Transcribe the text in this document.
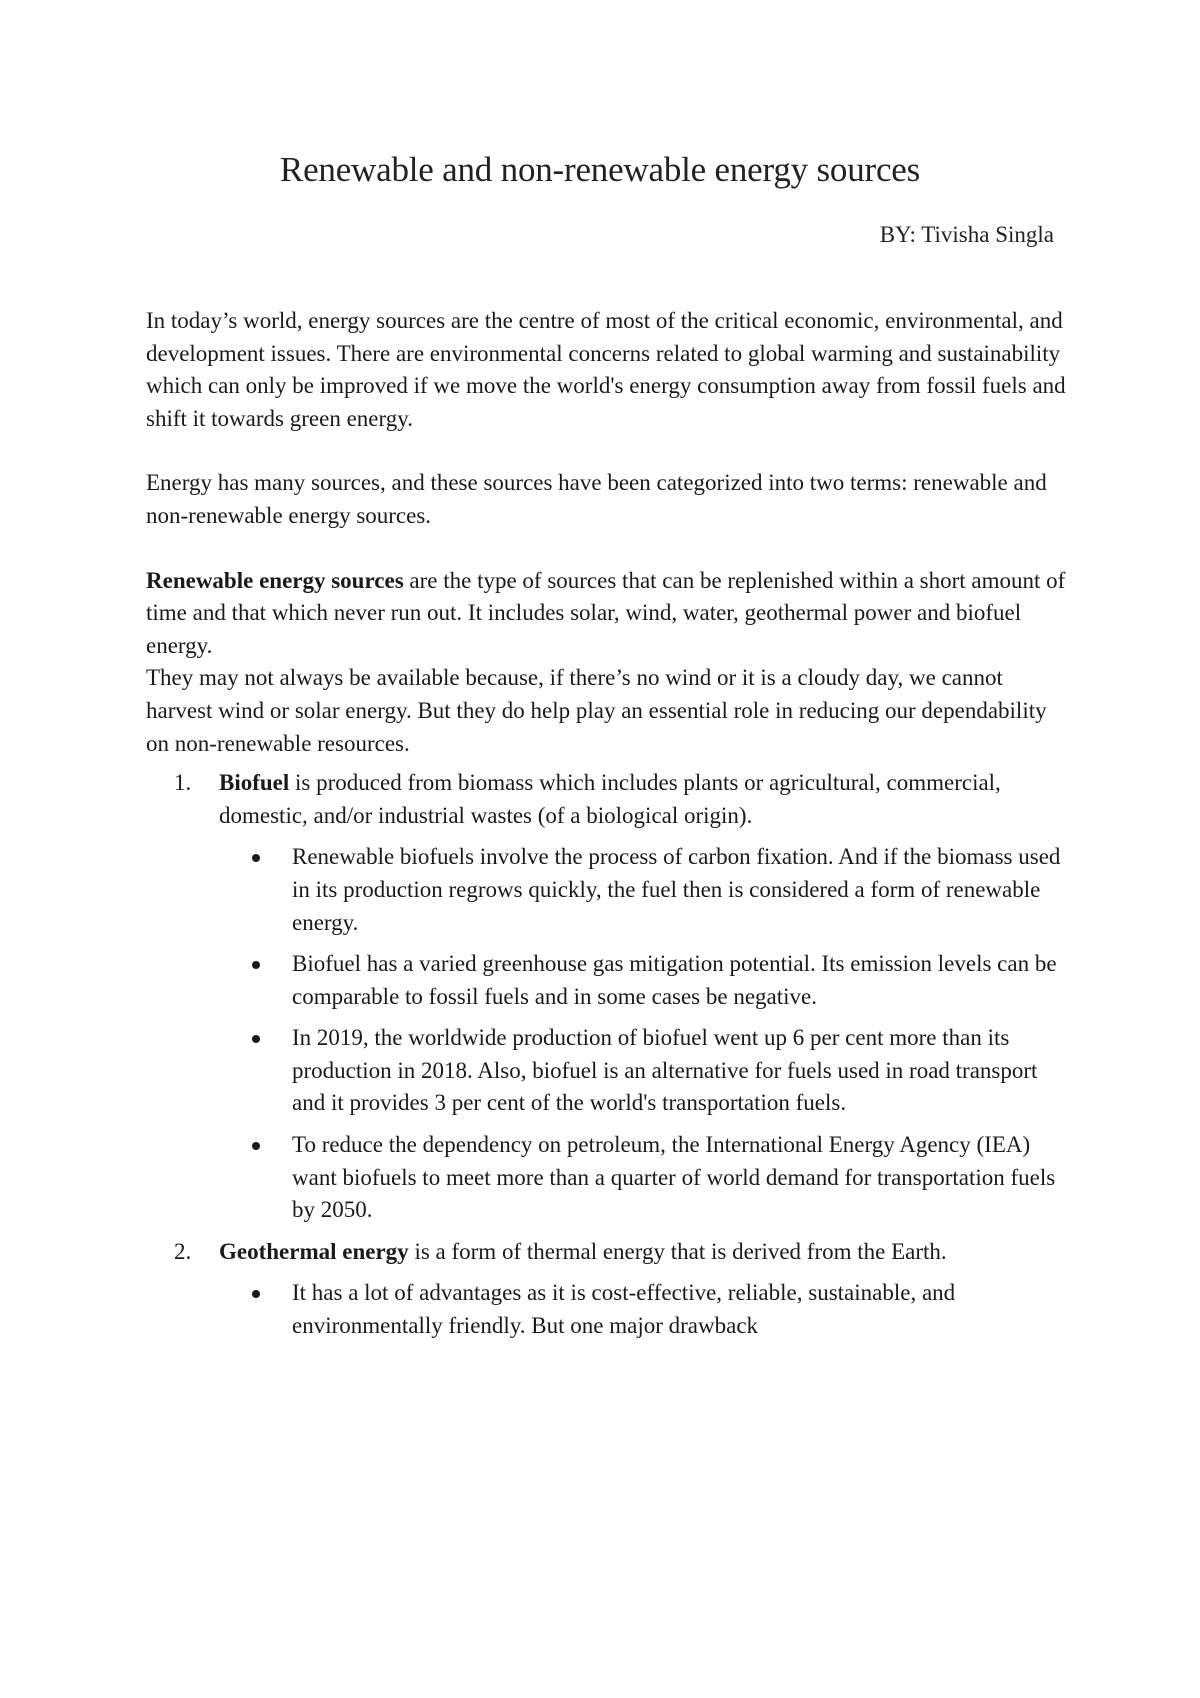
Renewable and non-renewable energy sources
BY: Tivisha Singla

In today’s world, energy sources are the centre of most of the critical economic, environmental, and development issues. There are environmental concerns related to global warming and sustainability which can only be improved if we move the world's energy consumption away from fossil fuels and shift it towards green energy.

Energy has many sources, and these sources have been categorized into two terms: renewable and non-renewable energy sources.

Renewable energy sources are the type of sources that can be replenished within a short amount of time and that which never run out. It includes solar, wind, water, geothermal power and biofuel energy.

They may not always be available because, if there’s no wind or it is a cloudy day, we cannot harvest wind or solar energy. But they do help play an essential role in reducing our dependability on non-renewable resources.

1. Biofuel is produced from biomass which includes plants or agricultural, commercial, domestic, and/or industrial wastes (of a biological origin).
Renewable biofuels involve the process of carbon fixation. And if the biomass used in its production regrows quickly, the fuel then is considered a form of renewable energy.
Biofuel has a varied greenhouse gas mitigation potential. Its emission levels can be comparable to fossil fuels and in some cases be negative.
In 2019, the worldwide production of biofuel went up 6 per cent more than its production in 2018. Also, biofuel is an alternative for fuels used in road transport and it provides 3 per cent of the world's transportation fuels.
To reduce the dependency on petroleum, the International Energy Agency (IEA) want biofuels to meet more than a quarter of world demand for transportation fuels by 2050.
2. Geothermal energy is a form of thermal energy that is derived from the Earth.
It has a lot of advantages as it is cost-effective, reliable, sustainable, and environmentally friendly. But one major drawback
